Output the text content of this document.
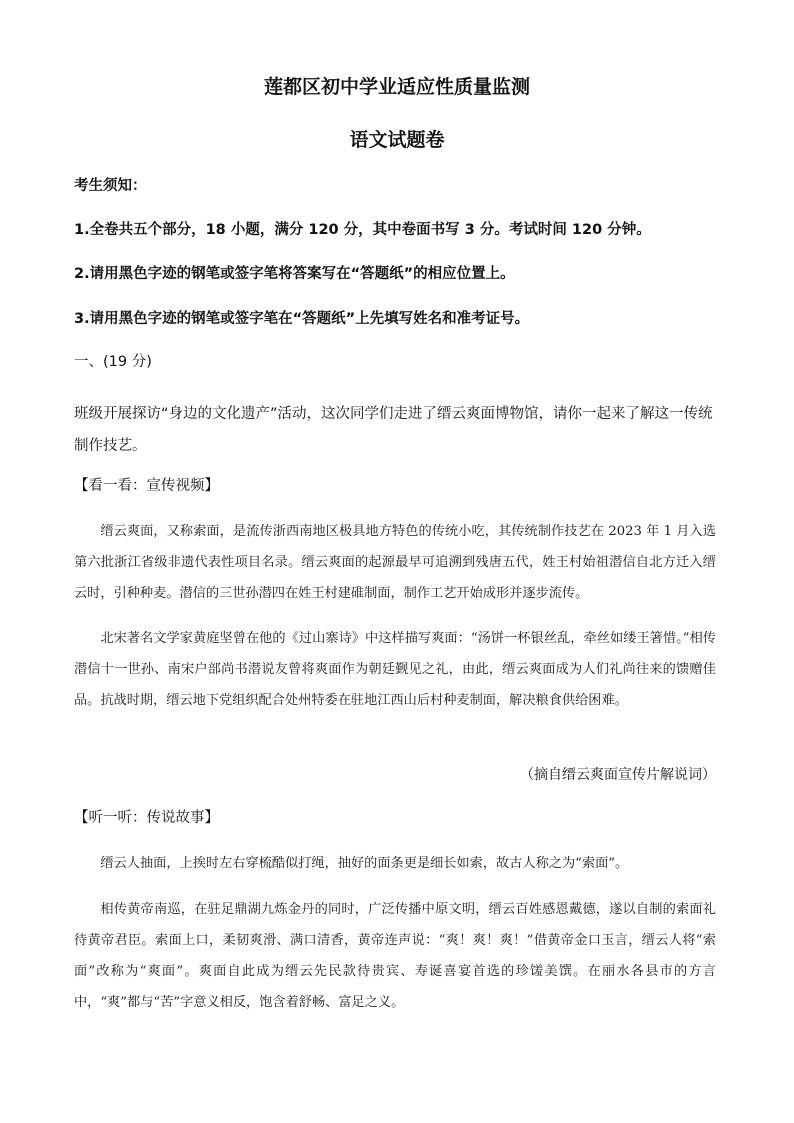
莲都区初中学业适应性质量监测
语文试题卷
考生须知：
1.全卷共五个部分，18 小题，满分 120 分，其中卷面书写 3 分。考试时间 120 分钟。
2.请用黑色字迹的钢笔或签字笔将答案写在“答题纸”的相应位置上。
3.请用黑色字迹的钢笔或签字笔在“答题纸”上先填写姓名和准考证号。
一、(19 分)
班级开展探访“身边的文化遗产”活动，这次同学们走进了缙云爽面博物馆，请你一起来了解这一传统制作技艺。
【看一看：宣传视频】
缙云爽面，又称索面，是流传浙西南地区极具地方特色的传统小吃，其传统制作技艺在 2023 年 1 月入选第六批浙江省级非遗代表性项目名录。缙云爽面的起源最早可追溯到残唐五代，姓王村始祖潜信自北方迁入缙云时，引种种麦。潜信的三世孙潜四在姓王村建碓制面，制作工艺开始成形并逐步流传。
北宋著名文学家黄庭坚曾在他的《过山寨诗》中这样描写爽面：“汤饼一杯银丝乱，牵丝如缕王箸惜。”相传潜信十一世孙、南宋户部尚书潜说友曾将爽面作为朝廷觐见之礼，由此，缙云爽面成为人们礼尚往来的馈赠佳品。抗战时期，缙云地下党组织配合处州特委在驻地江西山后村种麦制面，解决粮食供给困难。
（摘自缙云爽面宣传片解说词）
【听一听：传说故事】
缙云人抽面，上挨时左右穿梳酷似打绳，抽好的面条更是细长如索，故古人称之为“索面”。
相传黄帝南巡，在驻足鼎湖九炼金丹的同时，广泛传播中原文明，缙云百姓感恩戴德，遂以自制的索面礼待黄帝君臣。索面上口，柔韧爽滑、满口清香，黄帝连声说：“爽！爽！爽！”借黄帝金口玉言，缙云人将“索面”改称为“爽面”。爽面自此成为缙云先民款待贵宾、寿诞喜宴首选的珍馐美馔。在丽水各县市的方言中，“爽”都与“苦”字意义相反，饱含着舒畅、富足之义。
